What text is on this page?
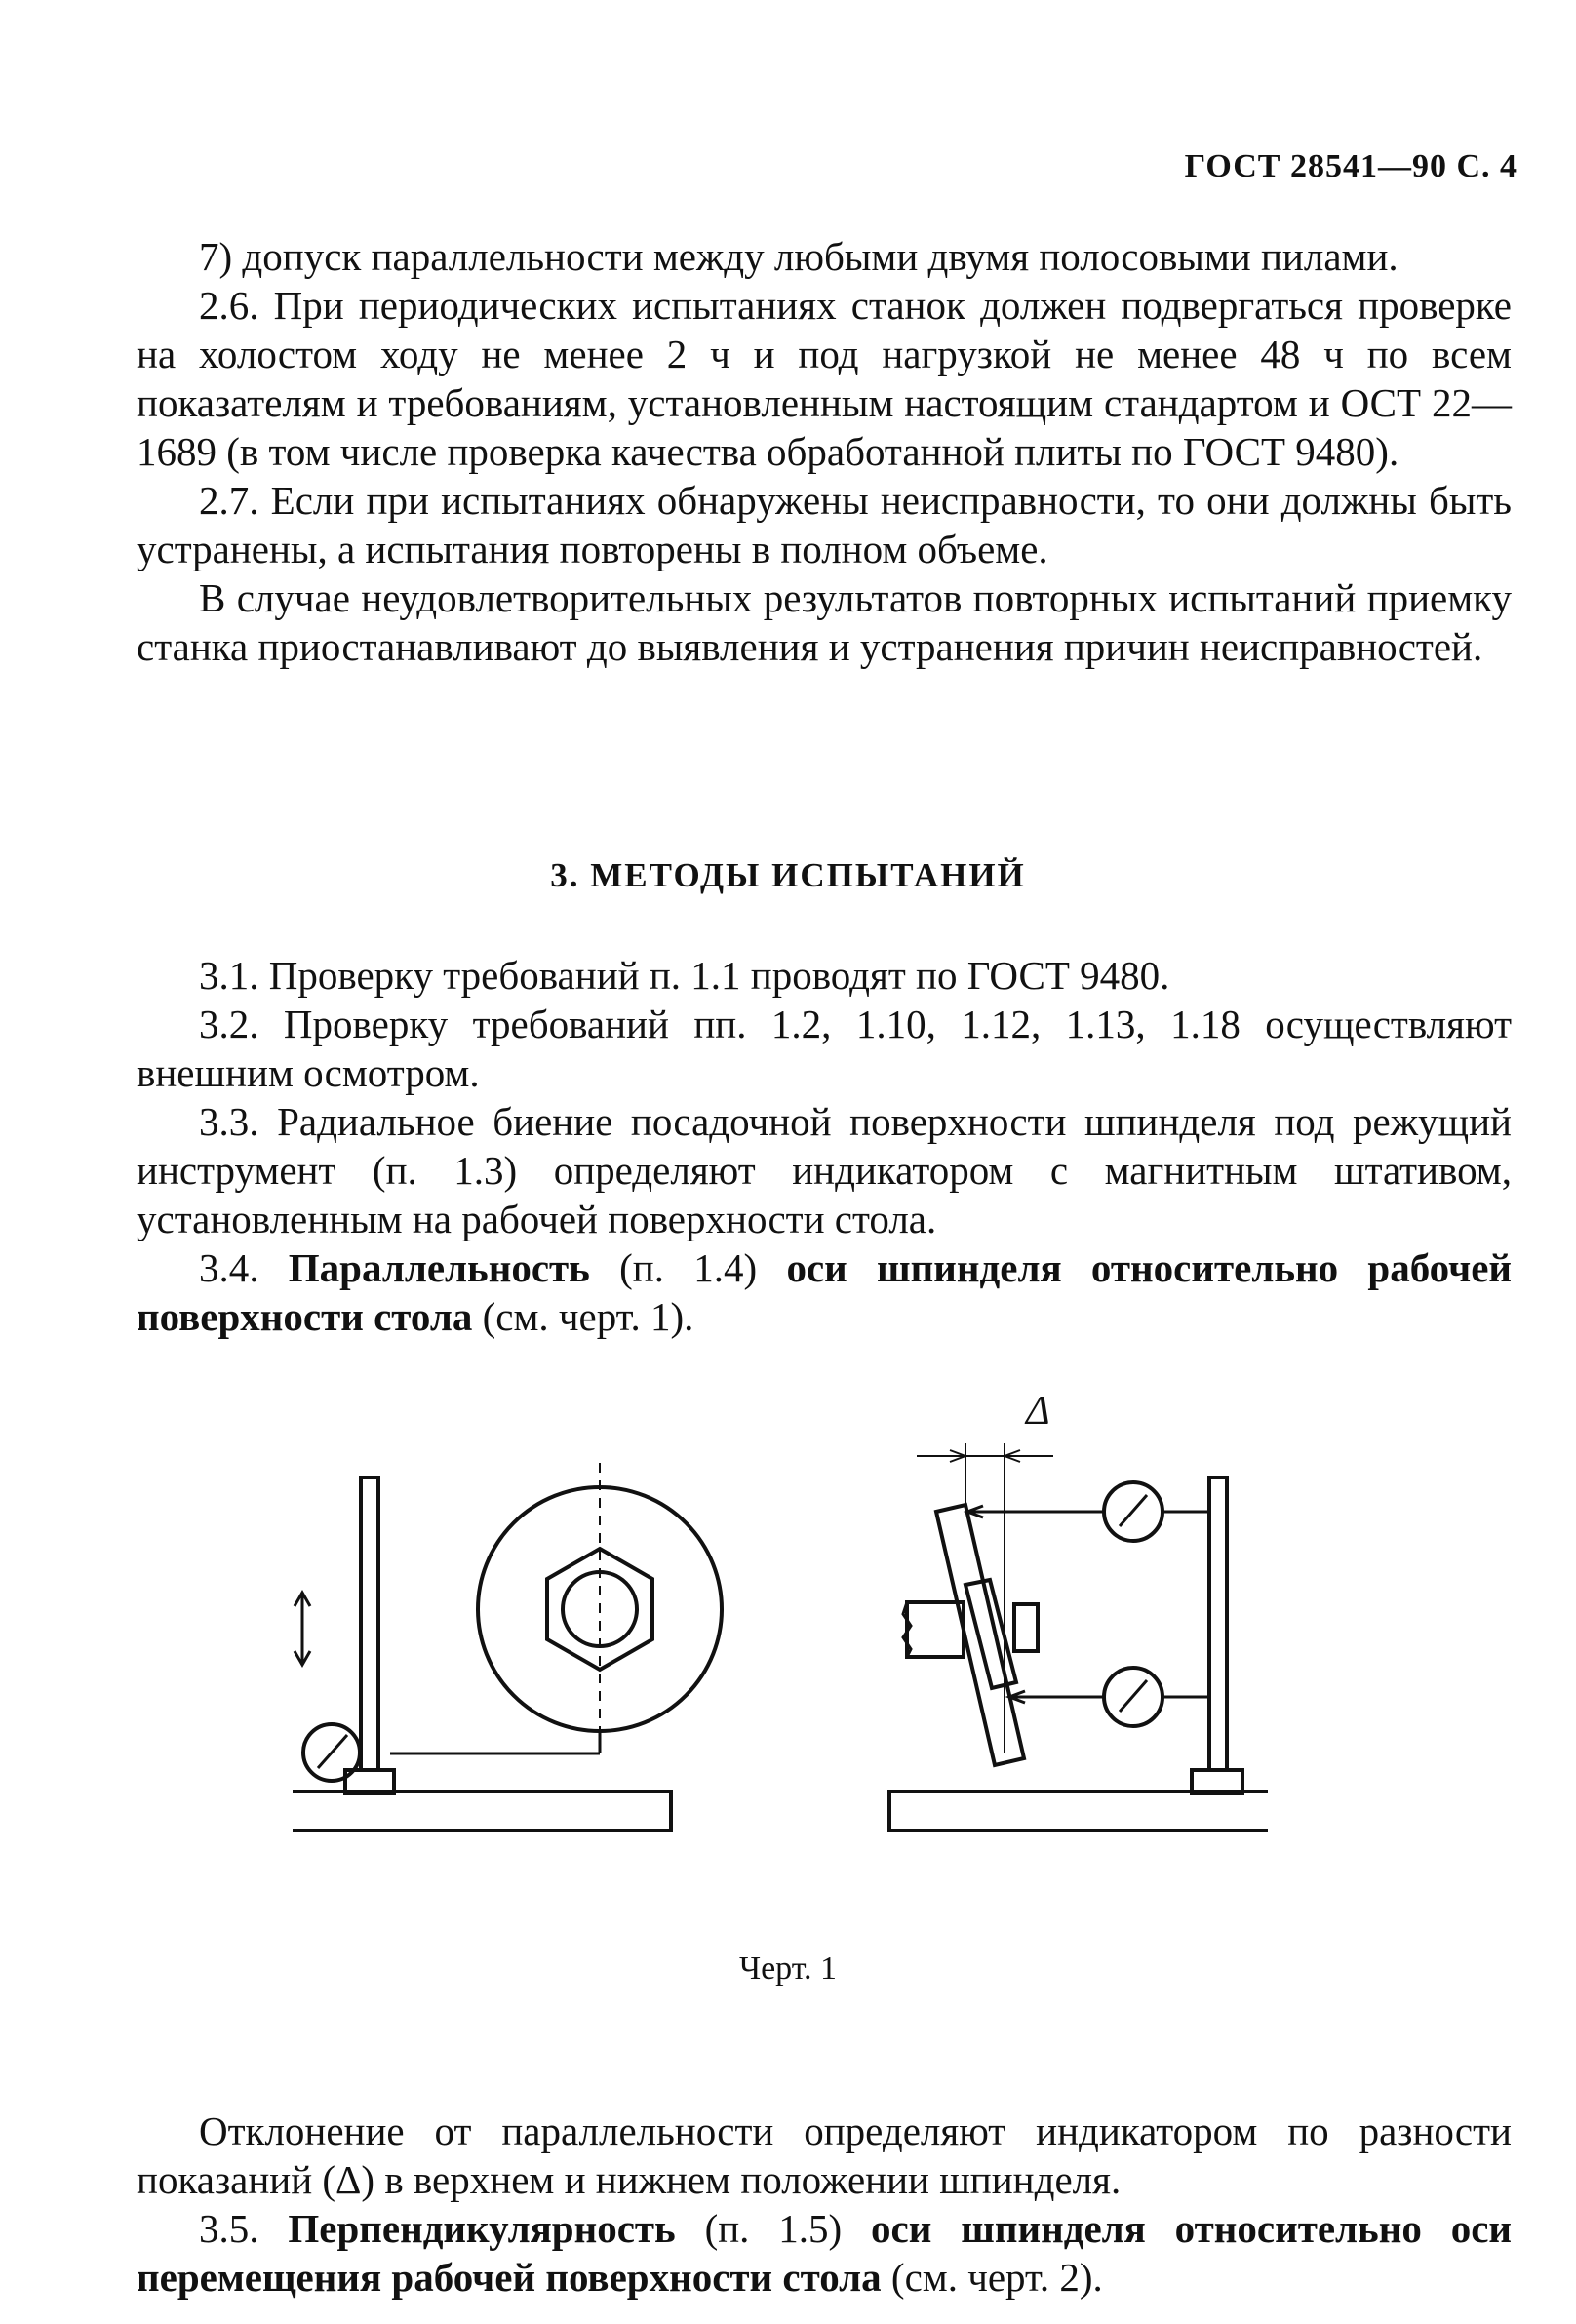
ГОСТ 28541—90 С. 4

7) допуск параллельности между любыми двумя полосовыми пилами.

2.6. При периодических испытаниях станок должен подвергаться проверке на холостом ходу не менее 2 ч и под нагрузкой не менее 48 ч по всем показателям и требованиям, установленным настоящим стандартом и ОСТ 22—1689 (в том числе проверка качества обработанной плиты по ГОСТ 9480).

2.7. Если при испытаниях обнаружены неисправности, то они должны быть устранены, а испытания повторены в полном объеме.

В случае неудовлетворительных результатов повторных испытаний приемку станка приостанавливают до выявления и устранения причин неисправностей.

3. МЕТОДЫ ИСПЫТАНИЙ

3.1. Проверку требований п. 1.1 проводят по ГОСТ 9480.

3.2. Проверку требований пп. 1.2, 1.10, 1.12, 1.13, 1.18 осуществляют внешним осмотром.

3.3. Радиальное биение посадочной поверхности шпинделя под режущий инструмент (п. 1.3) определяют индикатором с магнитным штативом, установленным на рабочей поверхности стола.

3.4. Параллельность (п. 1.4) оси шпинделя относительно рабочей поверхности стола (см. черт. 1).

Δ
Черт. 1

Отклонение от параллельности определяют индикатором по разности показаний (Δ) в верхнем и нижнем положении шпинделя.

3.5. Перпендикулярность (п. 1.5) оси шпинделя относительно оси перемещения рабочей поверхности стола (см. черт. 2).
